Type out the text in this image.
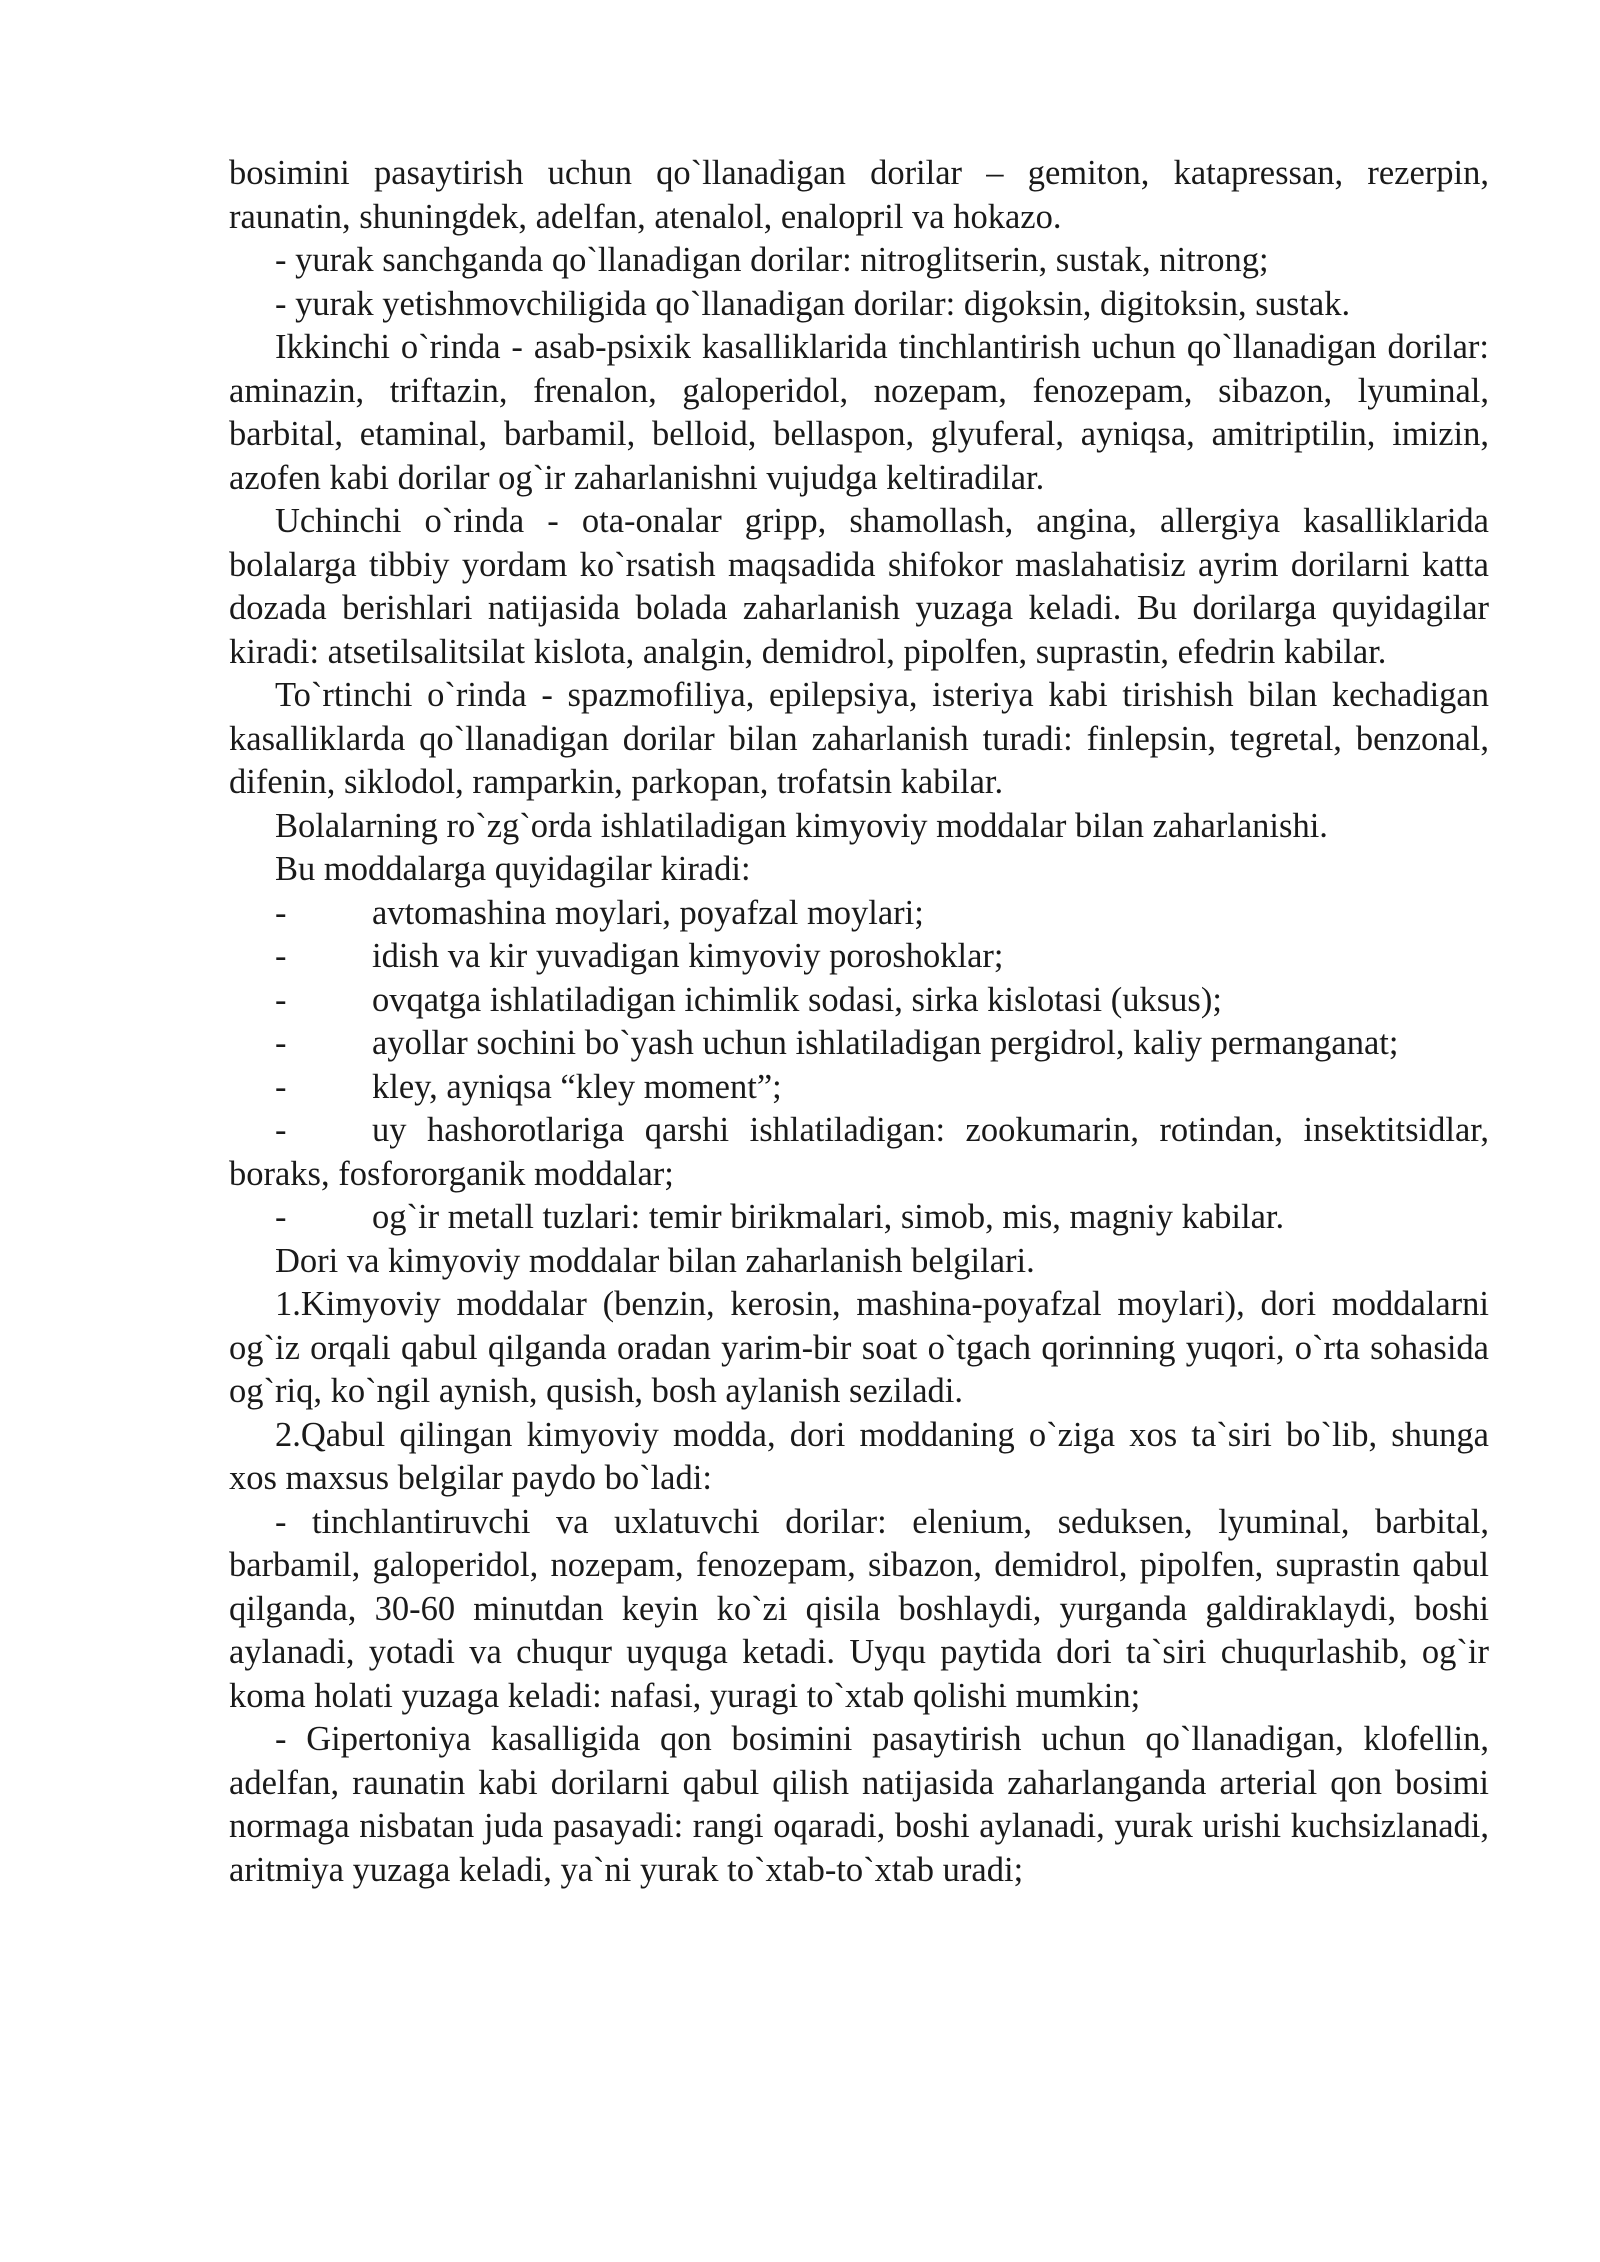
bosimini pasaytirish uchun qo`llanadigan dorilar – gemiton, katapressan, rezerpin, raunatin, shuningdek, adelfan, atenalol, enalopril va hokazo.

- yurak sanchganda qo`llanadigan dorilar: nitroglitserin, sustak, nitrong;

- yurak yetishmovchiligida qo`llanadigan dorilar: digoksin, digitoksin, sustak.

Ikkinchi o`rinda - asab-psixik kasalliklarida tinchlantirish uchun qo`llanadigan dorilar: aminazin, triftazin, frenalon, galoperidol, nozepam, fenozepam, sibazon, lyuminal, barbital, etaminal, barbamil, belloid, bellaspon, glyuferal, ayniqsa, amitriptilin, imizin, azofen kabi dorilar og`ir zaharlanishni vujudga keltiradilar.

Uchinchi o`rinda - ota-onalar gripp, shamollash, angina, allergiya kasalliklarida bolalarga tibbiy yordam ko`rsatish maqsadida shifokor maslahatisiz ayrim dorilarni katta dozada berishlari natijasida bolada zaharlanish yuzaga keladi. Bu dorilarga quyidagilar kiradi: atsetilsalitsilat kislota, analgin, demidrol, pipolfen, suprastin, efedrin kabilar.

To`rtinchi o`rinda - spazmofiliya, epilepsiya, isteriya kabi tirishish bilan kechadigan kasalliklarda qo`llanadigan dorilar bilan zaharlanish turadi: finlepsin, tegretal, benzonal, difenin, siklodol, ramparkin, parkopan, trofatsin kabilar.

Bolalarning ro`zg`orda ishlatiladigan kimyoviy moddalar bilan zaharlanishi.

Bu moddalarga quyidagilar kiradi:

- avtomashina moylari, poyafzal moylari;

- idish va kir yuvadigan kimyoviy poroshoklar;

- ovqatga ishlatiladigan ichimlik sodasi, sirka kislotasi (uksus);

- ayollar sochini bo`yash uchun ishlatiladigan pergidrol, kaliy permanganat;

- kley, ayniqsa “kley moment”;

- uy hashorotlariga qarshi ishlatiladigan: zookumarin, rotindan, insektitsidlar, boraks, fosfororganik moddalar;

- og`ir metall tuzlari: temir birikmalari, simob, mis, magniy kabilar.

Dori va kimyoviy moddalar bilan zaharlanish belgilari.

1.Kimyoviy moddalar (benzin, kerosin, mashina-poyafzal moylari), dori moddalarni og`iz orqali qabul qilganda oradan yarim-bir soat o`tgach qorinning yuqori, o`rta sohasida og`riq, ko`ngil aynish, qusish, bosh aylanish seziladi.

2.Qabul qilingan kimyoviy modda, dori moddaning o`ziga xos ta`siri bo`lib, shunga xos maxsus belgilar paydo bo`ladi:

- tinchlantiruvchi va uxlatuvchi dorilar: elenium, seduksen, lyuminal, barbital, barbamil, galoperidol, nozepam, fenozepam, sibazon, demidrol, pipolfen, suprastin qabul qilganda, 30-60 minutdan keyin ko`zi qisila boshlaydi, yurganda galdiraklaydi, boshi aylanadi, yotadi va chuqur uyquga ketadi. Uyqu paytida dori ta`siri chuqurlashib, og`ir koma holati yuzaga keladi: nafasi, yuragi to`xtab qolishi mumkin;

- Gipertoniya kasalligida qon bosimini pasaytirish uchun qo`llanadigan, klofellin, adelfan, raunatin kabi dorilarni qabul qilish natijasida zaharlanganda arterial qon bosimi normaga nisbatan juda pasayadi: rangi oqaradi, boshi aylanadi, yurak urishi kuchsizlanadi, aritmiya yuzaga keladi, ya`ni yurak to`xtab-to`xtab uradi;
